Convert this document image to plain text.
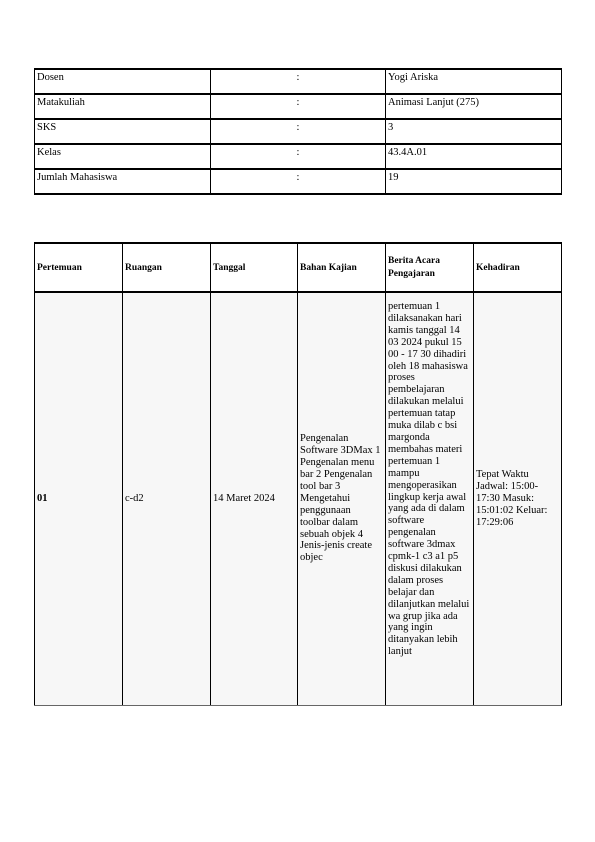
Dosen	:	Yogi Ariska
Matakuliah	:	Animasi Lanjut (275)
SKS	:	3
Kelas	:	43.4A.01
Jumlah Mahasiswa	:	19
Pertemuan	Ruangan	Tanggal	Bahan Kajian	Berita Acara Pengajaran	Kehadiran
01	c-d2	14 Maret 2024	Pengenalan Software 3DMax 1 Pengenalan menu bar 2 Pengenalan tool bar 3 Mengetahui penggunaan toolbar dalam sebuah objek 4 Jenis-jenis create objec	pertemuan 1 dilaksanakan hari kamis tanggal 14 03 2024 pukul 15 00 - 17 30 dihadiri oleh 18 mahasiswa proses pembelajaran dilakukan melalui pertemuan tatap muka dilab c bsi margonda membahas materi pertemuan 1 mampu mengoperasikan lingkup kerja awal yang ada di dalam software pengenalan software 3dmax cpmk-1 c3 a1 p5 diskusi dilakukan dalam proses belajar dan dilanjutkan melalui wa grup jika ada yang ingin ditanyakan lebih lanjut	Tepat Waktu Jadwal: 15:00-17:30 Masuk: 15:01:02 Keluar: 17:29:06
